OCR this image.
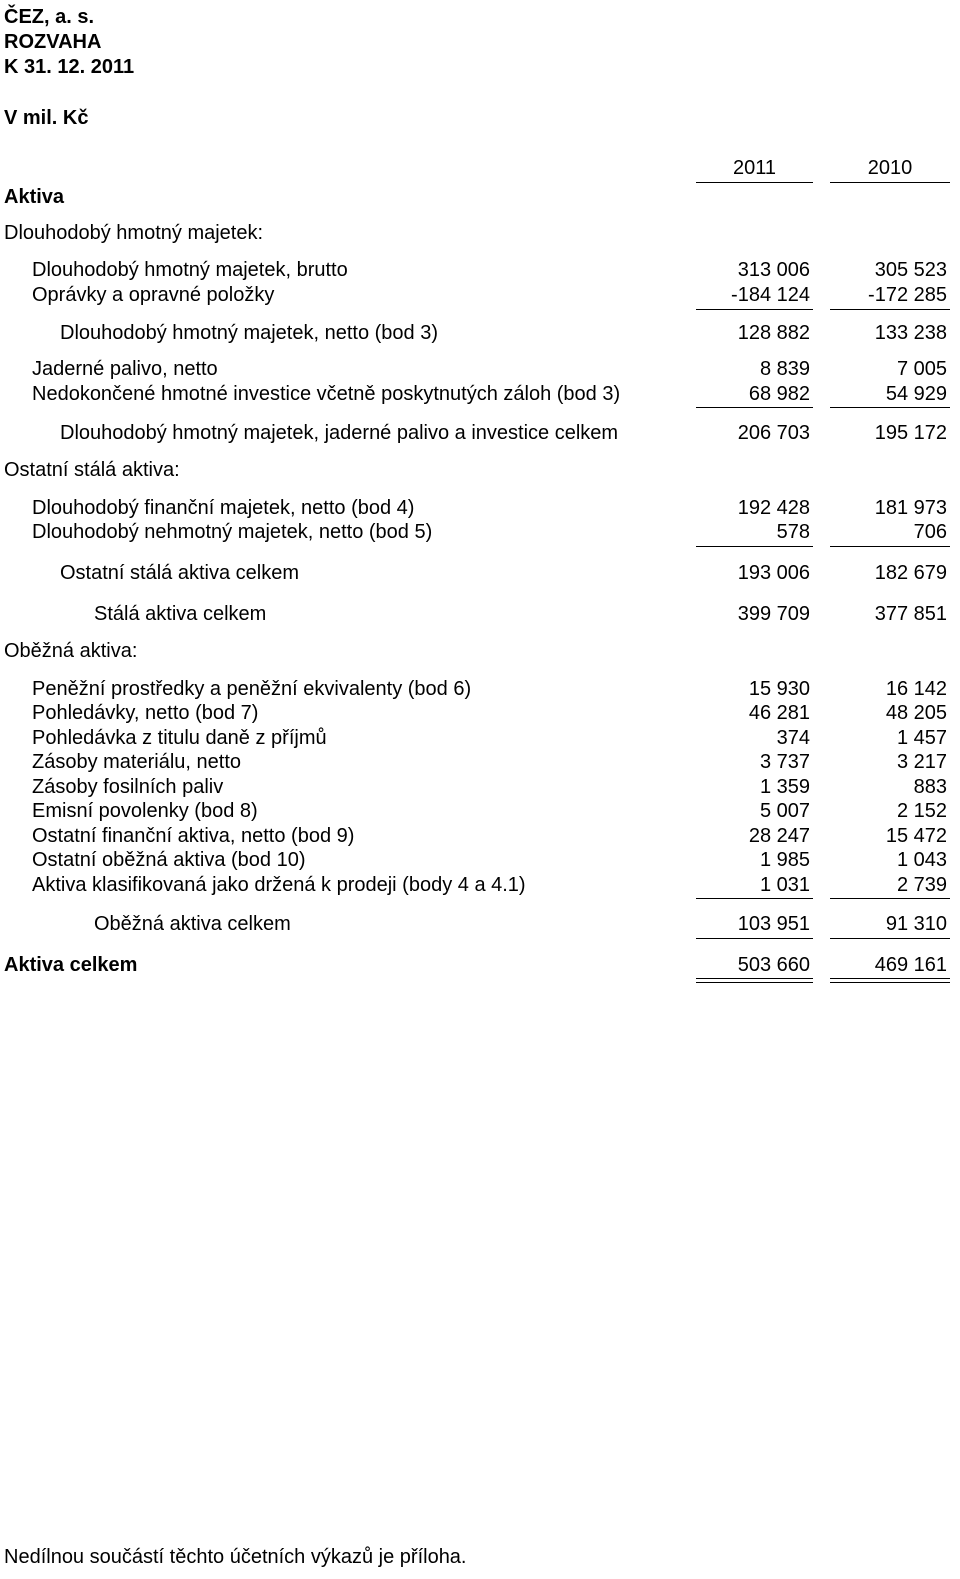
ČEZ, a. s.
ROZVAHA
K 31. 12. 2011
V mil. Kč
2011	2010
Aktiva
Dlouhodobý hmotný majetek:
Dlouhodobý hmotný majetek, brutto	313 006	305 523
Oprávky a opravné položky	-184 124	-172 285
Dlouhodobý hmotný majetek, netto (bod 3)	128 882	133 238
Jaderné palivo, netto	8 839	7 005
Nedokončené hmotné investice včetně poskytnutých záloh (bod 3)	68 982	54 929
Dlouhodobý hmotný majetek, jaderné palivo a investice celkem	206 703	195 172
Ostatní stálá aktiva:
Dlouhodobý finanční majetek, netto (bod 4)	192 428	181 973
Dlouhodobý nehmotný majetek, netto (bod 5)	578	706
Ostatní stálá aktiva celkem	193 006	182 679
Stálá aktiva celkem	399 709	377 851
Oběžná aktiva:
Peněžní prostředky a peněžní ekvivalenty (bod 6)	15 930	16 142
Pohledávky, netto (bod 7)	46 281	48 205
Pohledávka z titulu daně z příjmů	374	1 457
Zásoby materiálu, netto	3 737	3 217
Zásoby fosilních paliv	1 359	883
Emisní povolenky (bod 8)	5 007	2 152
Ostatní finanční aktiva, netto (bod 9)	28 247	15 472
Ostatní oběžná aktiva (bod 10)	1 985	1 043
Aktiva klasifikovaná jako držená k prodeji (body 4 a 4.1)	1 031	2 739
Oběžná aktiva celkem	103 951	91 310
Aktiva celkem	503 660	469 161
Nedílnou součástí těchto účetních výkazů je příloha.
